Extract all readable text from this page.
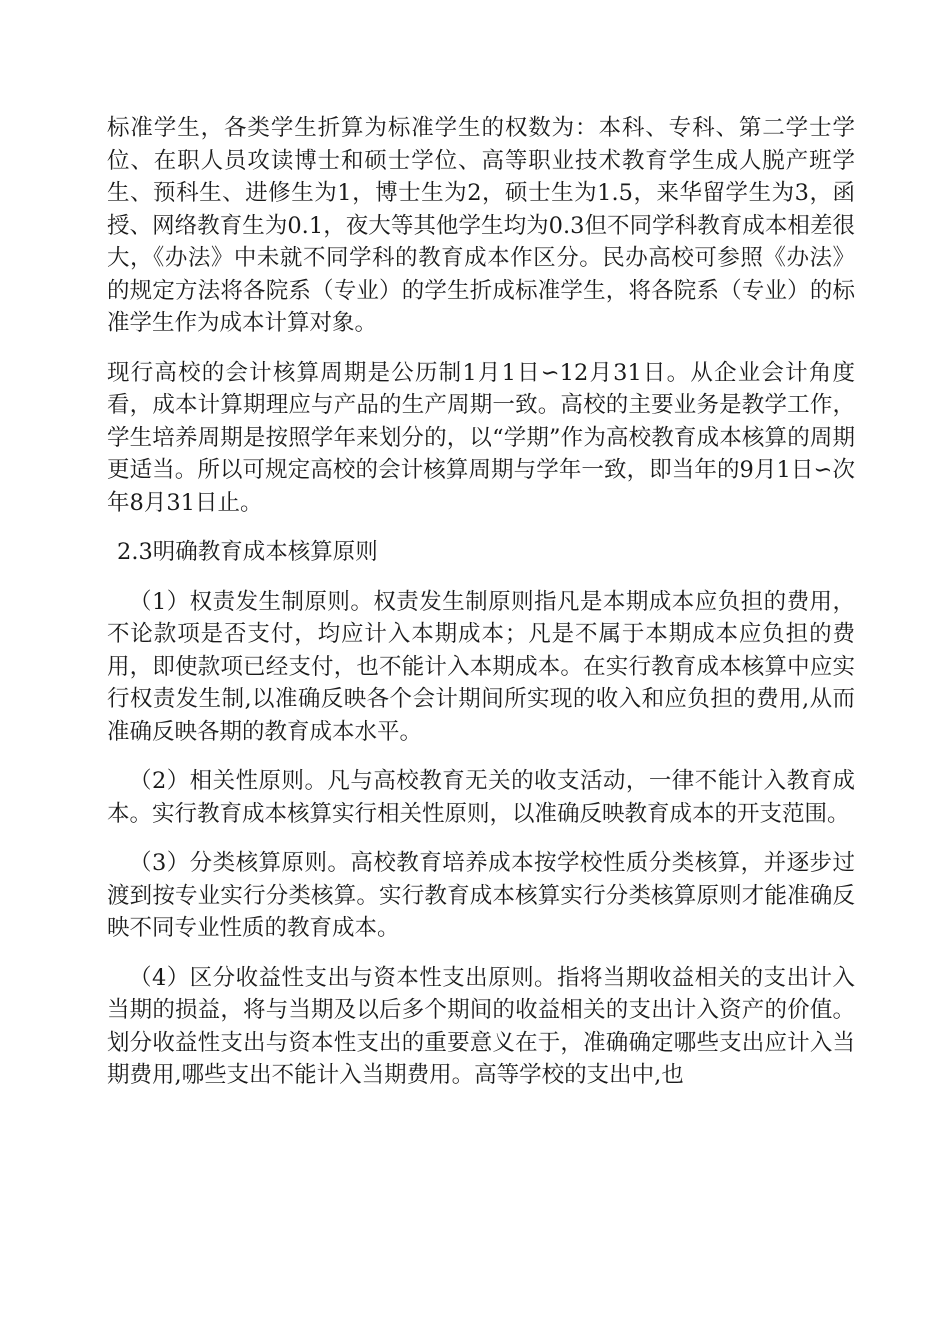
标准学生，各类学生折算为标准学生的权数为：本科、专科、第二学士学位、在职人员攻读博士和硕士学位、高等职业技术教育学生成人脱产班学生、预科生、进修生为1，博士生为2，硕士生为1.5，来华留学生为3，函授、网络教育生为0.1，夜大等其他学生均为0.3但不同学科教育成本相差很大，《办法》中未就不同学科的教育成本作区分。民办高校可参照《办法》的规定方法将各院系（专业）的学生折成标准学生，将各院系（专业）的标准学生作为成本计算对象。

现行高校的会计核算周期是公历制1月1日∽12月31日。从企业会计角度看，成本计算期理应与产品的生产周期一致。高校的主要业务是教学工作，学生培养周期是按照学年来划分的，以“学期”作为高校教育成本核算的周期更适当。所以可规定高校的会计核算周期与学年一致，即当年的9月1日∽次年8月31日止。

2.3明确教育成本核算原则

（1）权责发生制原则。权责发生制原则指凡是本期成本应负担的费用，不论款项是否支付，均应计入本期成本；凡是不属于本期成本应负担的费用，即使款项已经支付，也不能计入本期成本。在实行教育成本核算中应实行权责发生制,以准确反映各个会计期间所实现的收入和应负担的费用,从而准确反映各期的教育成本水平。

（2）相关性原则。凡与高校教育无关的收支活动，一律不能计入教育成本。实行教育成本核算实行相关性原则，以准确反映教育成本的开支范围。

（3）分类核算原则。高校教育培养成本按学校性质分类核算，并逐步过渡到按专业实行分类核算。实行教育成本核算实行分类核算原则才能准确反映不同专业性质的教育成本。

（4）区分收益性支出与资本性支出原则。指将当期收益相关的支出计入当期的损益，将与当期及以后多个期间的收益相关的支出计入资产的价值。划分收益性支出与资本性支出的重要意义在于，准确确定哪些支出应计入当期费用,哪些支出不能计入当期费用。高等学校的支出中,也
